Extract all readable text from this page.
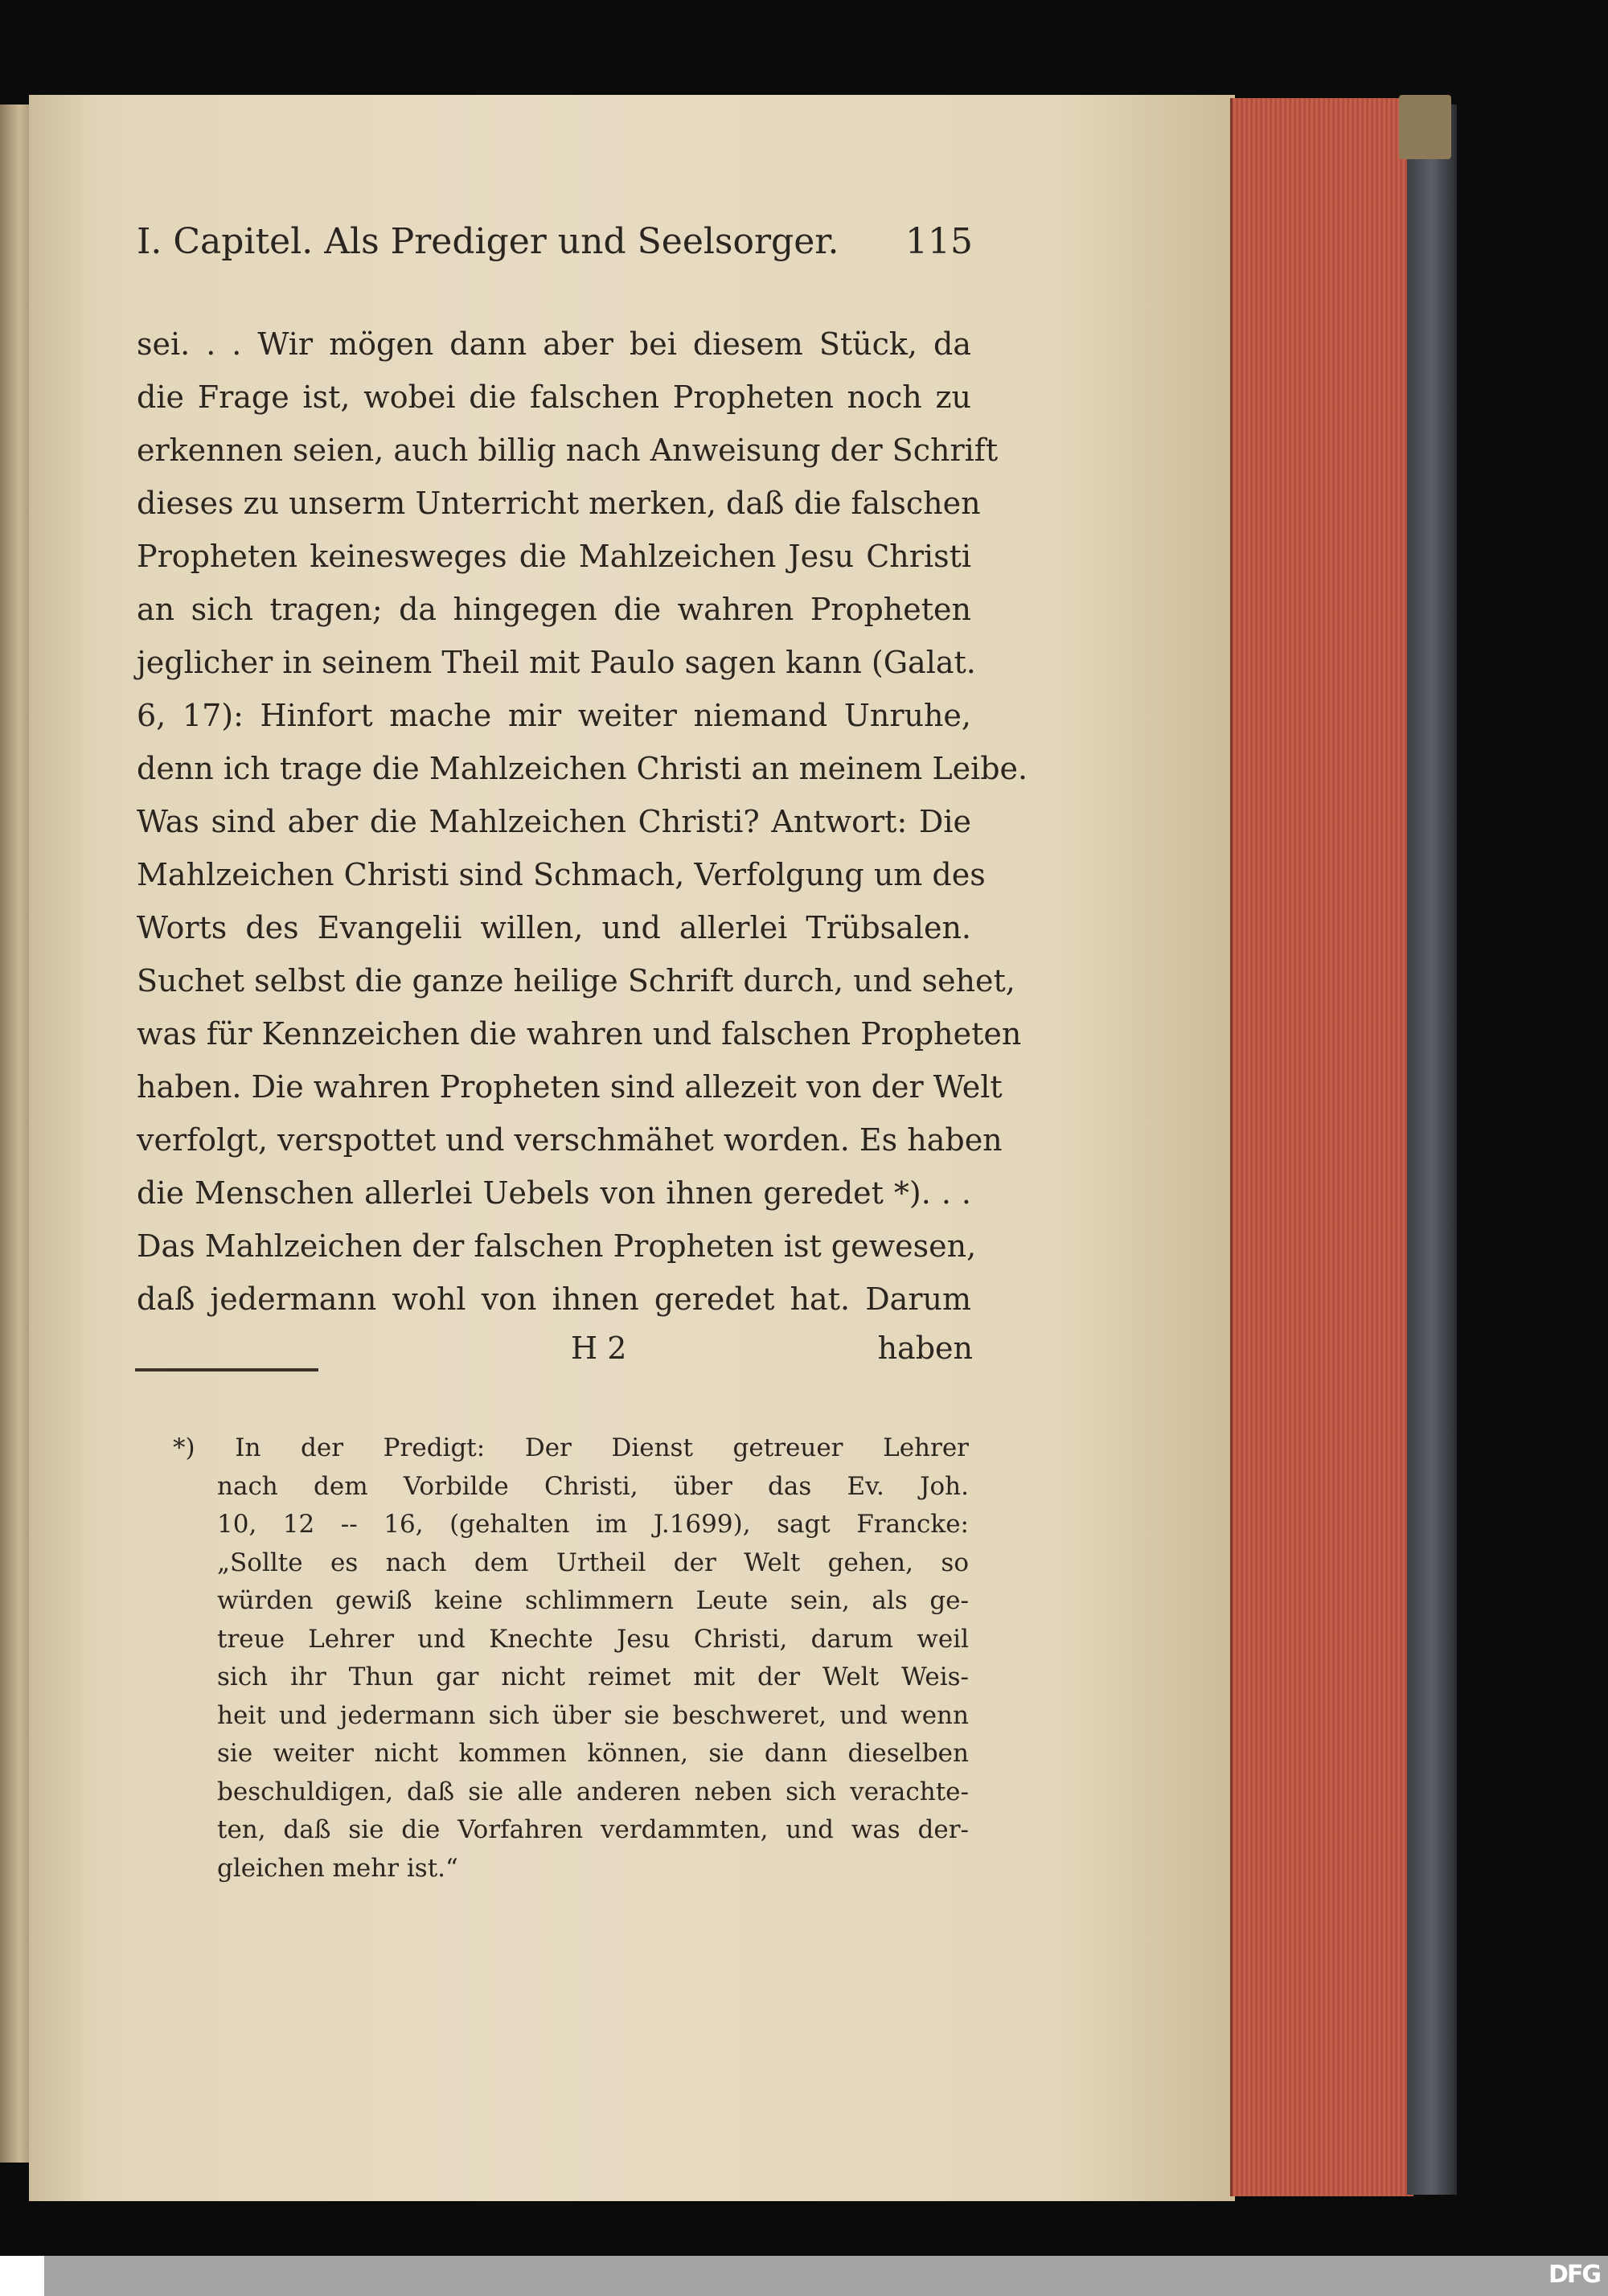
I. Capitel. Als Prediger und Seelsorger. 115
sei. . . Wir mögen dann aber bei diesem Stück, da
die Frage ist, wobei die falschen Propheten noch zu
erkennen seien, auch billig nach Anweisung der Schrift
dieses zu unserm Unterricht merken, daß die falschen
Propheten keinesweges die Mahlzeichen Jesu Christi
an sich tragen; da hingegen die wahren Propheten
jeglicher in seinem Theil mit Paulo sagen kann (Galat.
6, 17): Hinfort mache mir weiter niemand Unruhe,
denn ich trage die Mahlzeichen Christi an meinem Leibe.
Was sind aber die Mahlzeichen Christi? Antwort: Die
Mahlzeichen Christi sind Schmach, Verfolgung um des
Worts des Evangelii willen, und allerlei Trübsalen.
Suchet selbst die ganze heilige Schrift durch, und sehet,
was für Kennzeichen die wahren und falschen Propheten
haben. Die wahren Propheten sind allezeit von der Welt
verfolgt, verspottet und verschmähet worden. Es haben
die Menschen allerlei Uebels von ihnen geredet *). . .
Das Mahlzeichen der falschen Propheten ist gewesen,
daß jedermann wohl von ihnen geredet hat. Darum
H 2	haben
*) In der Predigt: Der Dienst getreuer Lehrer
nach dem Vorbilde Christi, über das Ev. Joh.
10, 12 -- 16, (gehalten im J.1699), sagt Francke:
„Sollte es nach dem Urtheil der Welt gehen, so
würden gewiß keine schlimmern Leute sein, als ge-
treue Lehrer und Knechte Jesu Christi, darum weil
sich ihr Thun gar nicht reimet mit der Welt Weis-
heit und jedermann sich über sie beschweret, und wenn
sie weiter nicht kommen können, sie dann dieselben
beschuldigen, daß sie alle anderen neben sich verachte-
ten, daß sie die Vorfahren verdammten, und was der-
gleichen mehr ist.“
DFG
